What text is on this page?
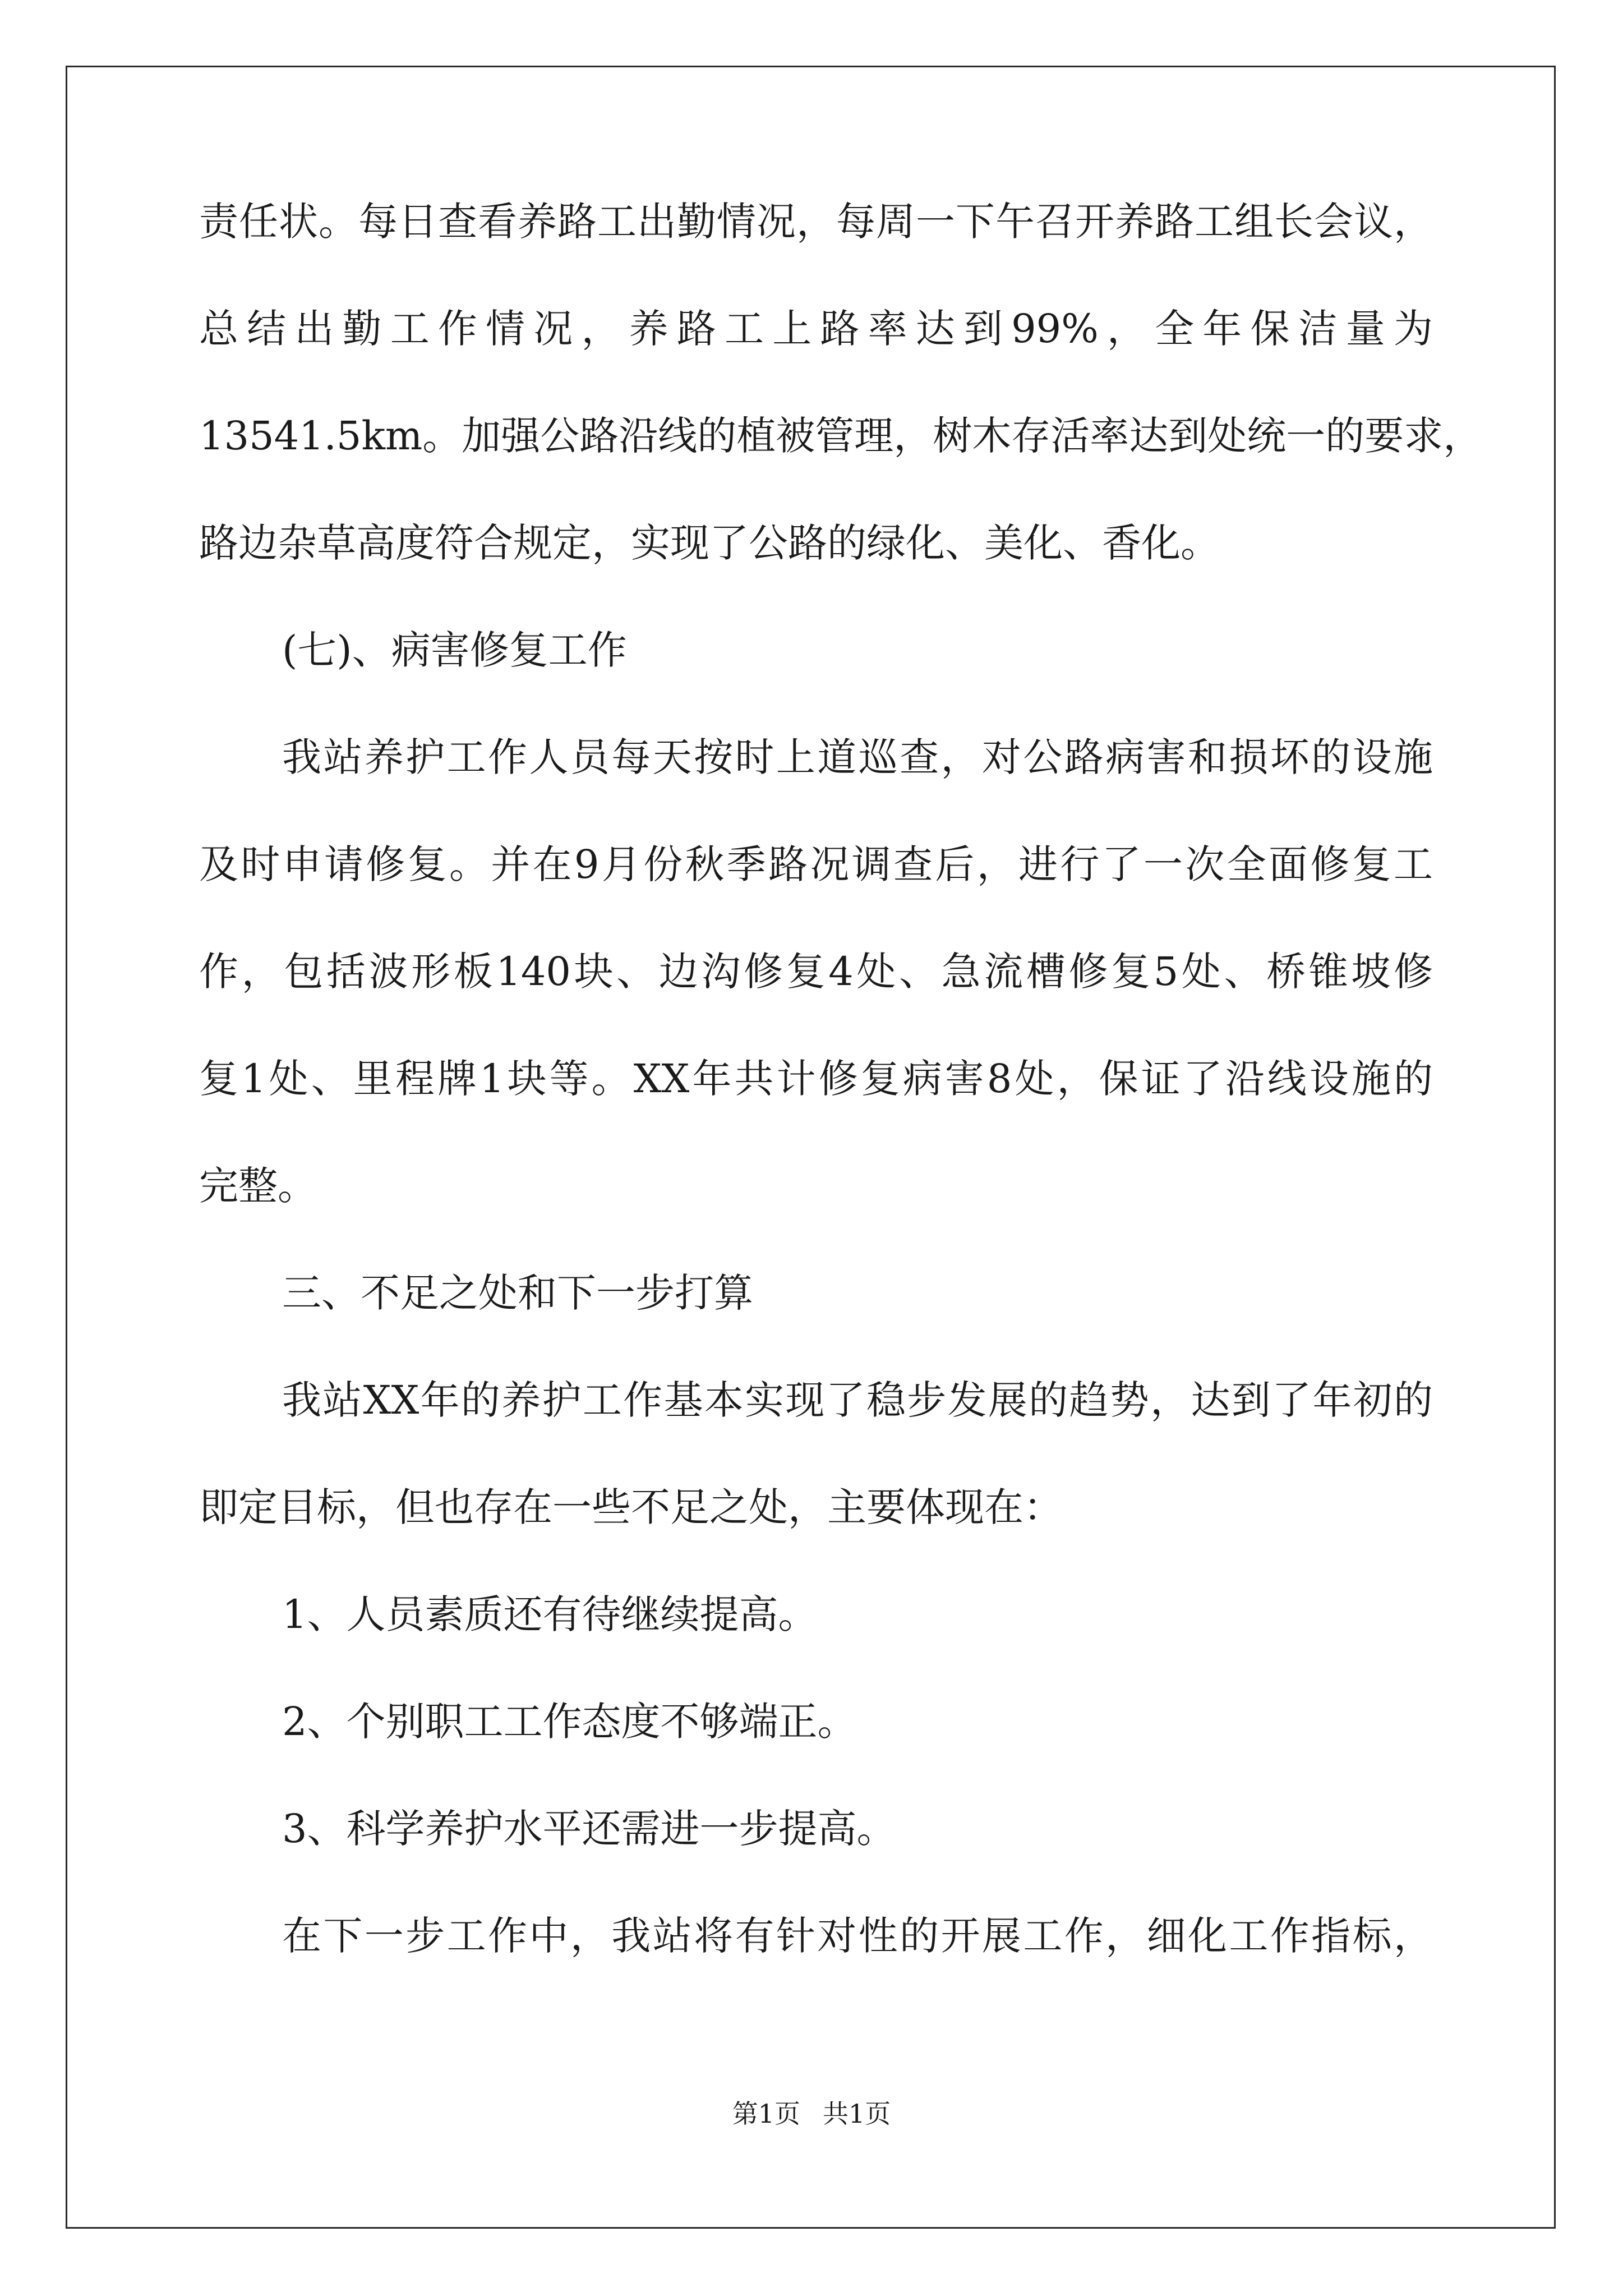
责任状。每日查看养路工出勤情况，每周一下午召开养路工组长会议，
总结出勤工作情况，养路工上路率达到99%，全年保洁量为
13541.5km。加强公路沿线的植被管理，树木存活率达到处统一的要求，
路边杂草高度符合规定，实现了公路的绿化、美化、香化。
(七)、病害修复工作
我站养护工作人员每天按时上道巡查，对公路病害和损坏的设施
及时申请修复。并在9月份秋季路况调查后，进行了一次全面修复工
作，包括波形板140块、边沟修复4处、急流槽修复5处、桥锥坡修
复1处、里程牌1块等。XX年共计修复病害8处，保证了沿线设施的
完整。
三、不足之处和下一步打算
我站XX年的养护工作基本实现了稳步发展的趋势，达到了年初的
即定目标，但也存在一些不足之处，主要体现在：
1、人员素质还有待继续提高。
2、个别职工工作态度不够端正。
3、科学养护水平还需进一步提高。
在下一步工作中，我站将有针对性的开展工作，细化工作指标，
第1页 共1页
